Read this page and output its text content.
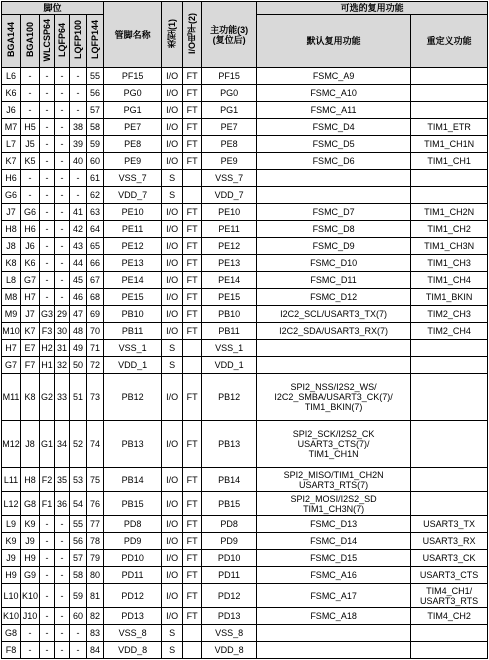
脚位						管脚名称	类型(1)	I/O电平(2)	主功能(3)
(复位后)	可选的复用功能	
BGA144	BGA100	WLCSP64	LQFP64	LQFP100	LQFP144					默认复用功能	重定义功能
L6	-	-	-	-	55	PF15	I/O	FT	PF15	FSMC_A9	
K6	-	-	-	-	56	PG0	I/O	FT	PG0	FSMC_A10	
J6	-	-	-	-	57	PG1	I/O	FT	PG1	FSMC_A11	
M7	H5	-	-	38	58	PE7	I/O	FT	PE7	FSMC_D4	TIM1_ETR
L7	J5	-	-	39	59	PE8	I/O	FT	PE8	FSMC_D5	TIM1_CH1N
K7	K5	-	-	40	60	PE9	I/O	FT	PE9	FSMC_D6	TIM1_CH1
H6	-	-	-	-	61	VSS_7	S		VSS_7		
G6	-	-	-	-	62	VDD_7	S		VDD_7		
J7	G6	-	-	41	63	PE10	I/O	FT	PE10	FSMC_D7	TIM1_CH2N
H8	H6	-	-	42	64	PE11	I/O	FT	PE11	FSMC_D8	TIM1_CH2
J8	J6	-	-	43	65	PE12	I/O	FT	PE12	FSMC_D9	TIM1_CH3N
K8	K6	-	-	44	66	PE13	I/O	FT	PE13	FSMC_D10	TIM1_CH3
L8	G7	-	-	45	67	PE14	I/O	FT	PE14	FSMC_D11	TIM1_CH4
M8	H7	-	-	46	68	PE15	I/O	FT	PE15	FSMC_D12	TIM1_BKIN
M9	J7	G3	29	47	69	PB10	I/O	FT	PB10	I2C2_SCL/USART3_TX(7)	TIM2_CH3
M10	K7	F3	30	48	70	PB11	I/O	FT	PB11	I2C2_SDA/USART3_RX(7)	TIM2_CH4
H7	E7	H2	31	49	71	VSS_1	S		VSS_1		
G7	F7	H1	32	50	72	VDD_1	S		VDD_1		
M11	K8	G2	33	51	73	PB12	I/O	FT	PB12	SPI2_NSS/I2S2_WS/
I2C2_SMBA/USART3_CK(7)/
TIM1_BKIN(7)	
M12	J8	G1	34	52	74	PB13	I/O	FT	PB13	SPI2_SCK/I2S2_CK
USART3_CTS(7)/
TIM1_CH1N	
L11	H8	F2	35	53	75	PB14	I/O	FT	PB14	SPI2_MISO/TIM1_CH2N
USART3_RTS(7)	
L12	G8	F1	36	54	76	PB15	I/O	FT	PB15	SPI2_MOSI/I2S2_SD
TIM1_CH3N(7)	
L9	K9	-	-	55	77	PD8	I/O	FT	PD8	FSMC_D13	USART3_TX
K9	J9	-	-	56	78	PD9	I/O	FT	PD9	FSMC_D14	USART3_RX
J9	H9	-	-	57	79	PD10	I/O	FT	PD10	FSMC_D15	USART3_CK
H9	G9	-	-	58	80	PD11	I/O	FT	PD11	FSMC_A16	USART3_CTS
L10	K10	-	-	59	81	PD12	I/O	FT	PD12	FSMC_A17	TIM4_CH1/
USART3_RTS
K10	J10	-	-	60	82	PD13	I/O	FT	PD13	FSMC_A18	TIM4_CH2
G8	-	-	-	-	83	VSS_8	S		VSS_8		
F8	-	-	-	-	84	VDD_8	S		VDD_8		
